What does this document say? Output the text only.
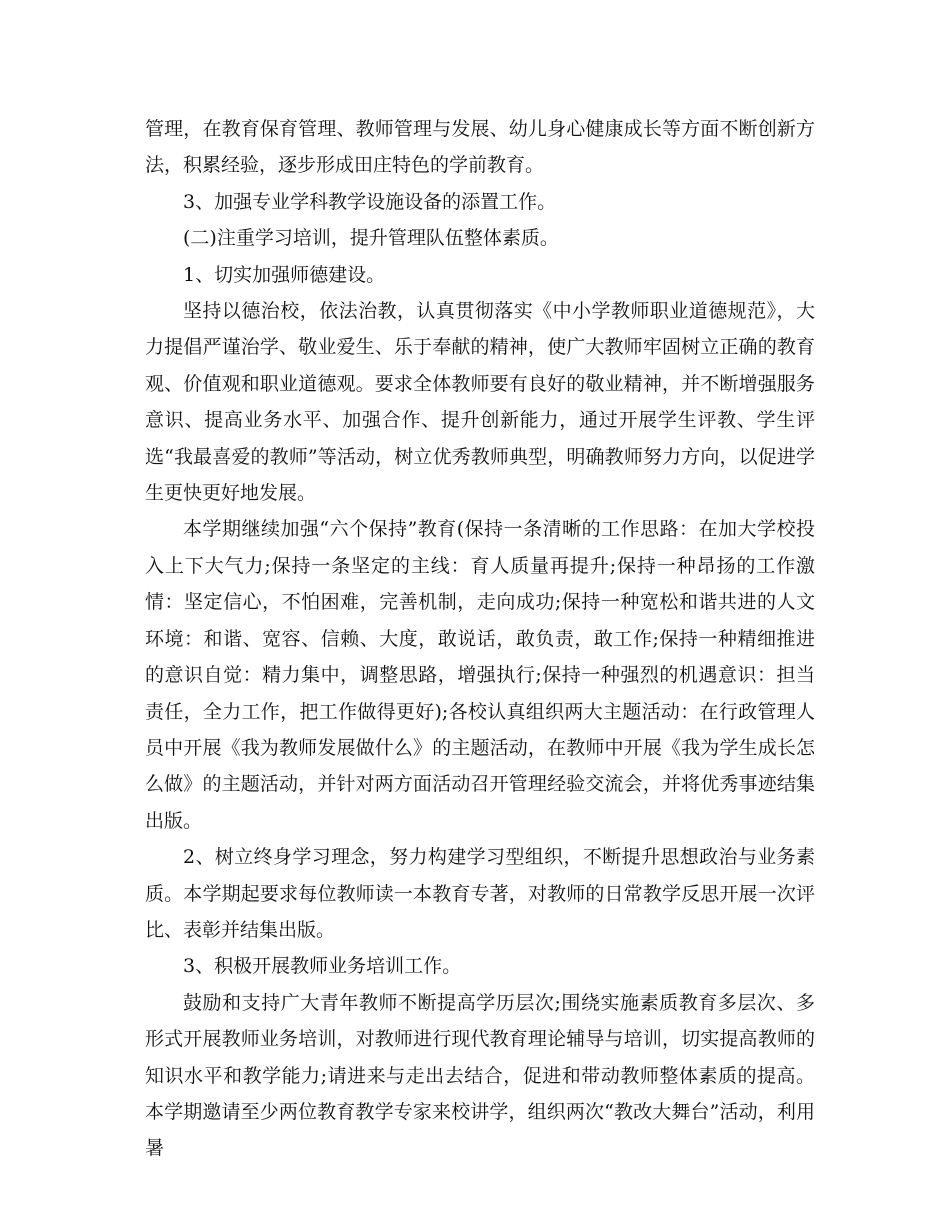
管理，在教育保育管理、教师管理与发展、幼儿身心健康成长等方面不断创新方法，积累经验，逐步形成田庄特色的学前教育。

3、加强专业学科教学设施设备的添置工作。

(二)注重学习培训，提升管理队伍整体素质。

1、切实加强师德建设。

坚持以德治校，依法治教，认真贯彻落实《中小学教师职业道德规范》，大力提倡严谨治学、敬业爱生、乐于奉献的精神，使广大教师牢固树立正确的教育观、价值观和职业道德观。要求全体教师要有良好的敬业精神，并不断增强服务意识、提高业务水平、加强合作、提升创新能力，通过开展学生评教、学生评选“我最喜爱的教师”等活动，树立优秀教师典型，明确教师努力方向，以促进学生更快更好地发展。

本学期继续加强“六个保持”教育(保持一条清晰的工作思路：在加大学校投入上下大气力;保持一条坚定的主线：育人质量再提升;保持一种昂扬的工作激情：坚定信心，不怕困难，完善机制，走向成功;保持一种宽松和谐共进的人文环境：和谐、宽容、信赖、大度，敢说话，敢负责，敢工作;保持一种精细推进的意识自觉：精力集中，调整思路，增强执行;保持一种强烈的机遇意识：担当责任，全力工作，把工作做得更好);各校认真组织两大主题活动：在行政管理人员中开展《我为教师发展做什么》的主题活动，在教师中开展《我为学生成长怎么做》的主题活动，并针对两方面活动召开管理经验交流会，并将优秀事迹结集出版。

2、树立终身学习理念，努力构建学习型组织，不断提升思想政治与业务素质。本学期起要求每位教师读一本教育专著，对教师的日常教学反思开展一次评比、表彰并结集出版。

3、积极开展教师业务培训工作。

鼓励和支持广大青年教师不断提高学历层次;围绕实施素质教育多层次、多形式开展教师业务培训，对教师进行现代教育理论辅导与培训，切实提高教师的知识水平和教学能力;请进来与走出去结合，促进和带动教师整体素质的提高。本学期邀请至少两位教育教学专家来校讲学，组织两次“教改大舞台”活动，利用暑
